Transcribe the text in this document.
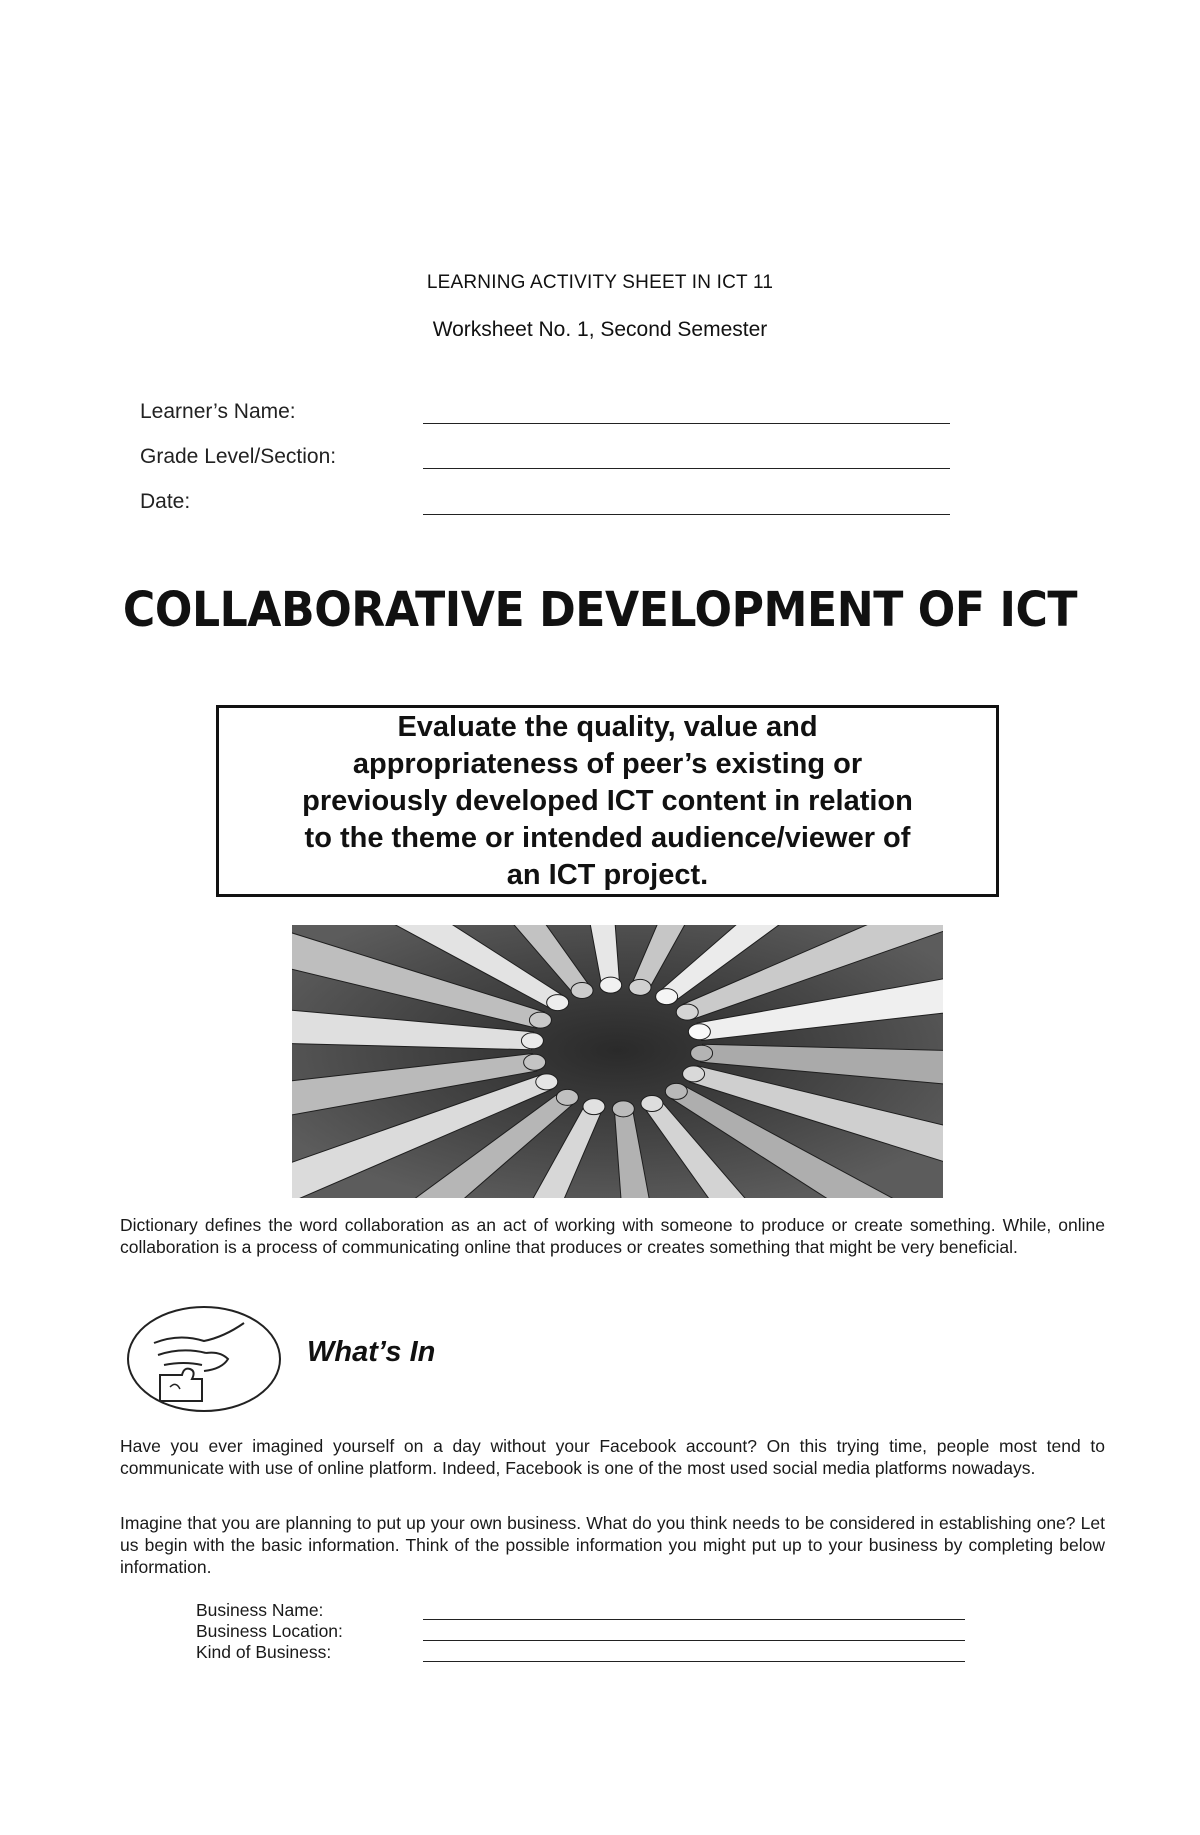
LEARNING ACTIVITY SHEET IN ICT 11
Worksheet No. 1, Second Semester
Learner’s Name:
Grade Level/Section:
Date:
COLLABORATIVE DEVELOPMENT OF ICT
Evaluate the quality, value and
appropriateness of peer’s existing or
previously developed ICT content in relation
to the theme or intended audience/viewer of
an ICT project.
Dictionary defines the word collaboration as an act of working with someone to produce or create something. While, online collaboration is a process of communicating online that produces or creates something that might be very beneficial.
What’s In
Have you ever imagined yourself on a day without your Facebook account? On this trying time, people most tend to communicate with use of online platform. Indeed, Facebook is one of the most used social media platforms nowadays.
Imagine that you are planning to put up your own business. What do you think needs to be considered in establishing one? Let us begin with the basic information. Think of the possible information you might put up to your business by completing below information.
Business Name:
Business Location:
Kind of Business:
